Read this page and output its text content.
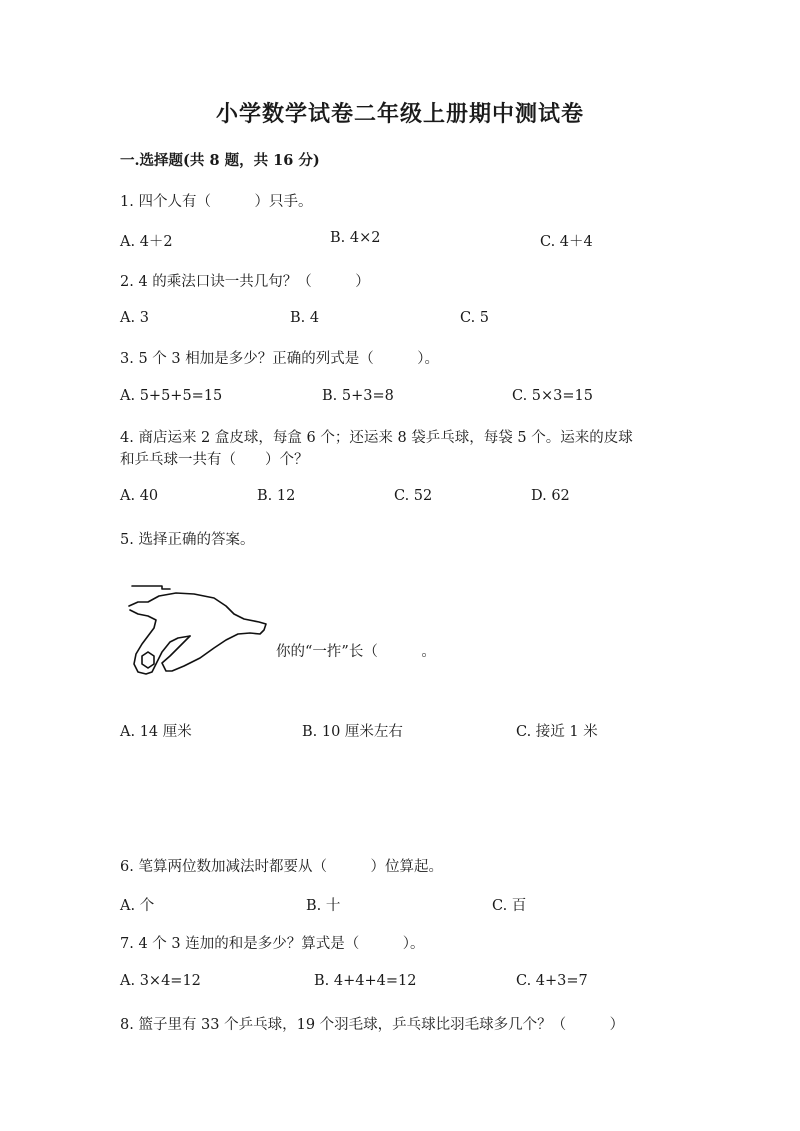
小学数学试卷二年级上册期中测试卷
一.选择题(共 8 题，共 16 分)
1. 四个人有（　　　）只手。
A. 4＋2	B. 4×2	C. 4＋4
2. 4 的乘法口诀一共几句？（　　　）
A. 3	B. 4	C. 5
3. 5 个 3 相加是多少？正确的列式是（　　　）。
A. 5+5+5=15	B. 5+3=8	C. 5×3=15
4. 商店运来 2 盒皮球，每盒 6 个；还运来 8 袋乒乓球，每袋 5 个。运来的皮球
和乒乓球一共有（　　）个？
A. 40	B. 12	C. 52	D. 62
5. 选择正确的答案。
你的“一拃”长（　　　。
A. 14 厘米	B. 10 厘米左右	C. 接近 1 米
6. 笔算两位数加减法时都要从（　　　）位算起。
A. 个	B. 十	C. 百
7. 4 个 3 连加的和是多少？算式是（　　　）。
A. 3×4=12	B. 4+4+4=12	C. 4+3=7
8. 篮子里有 33 个乒乓球，19 个羽毛球，乒乓球比羽毛球多几个？（　　　）
